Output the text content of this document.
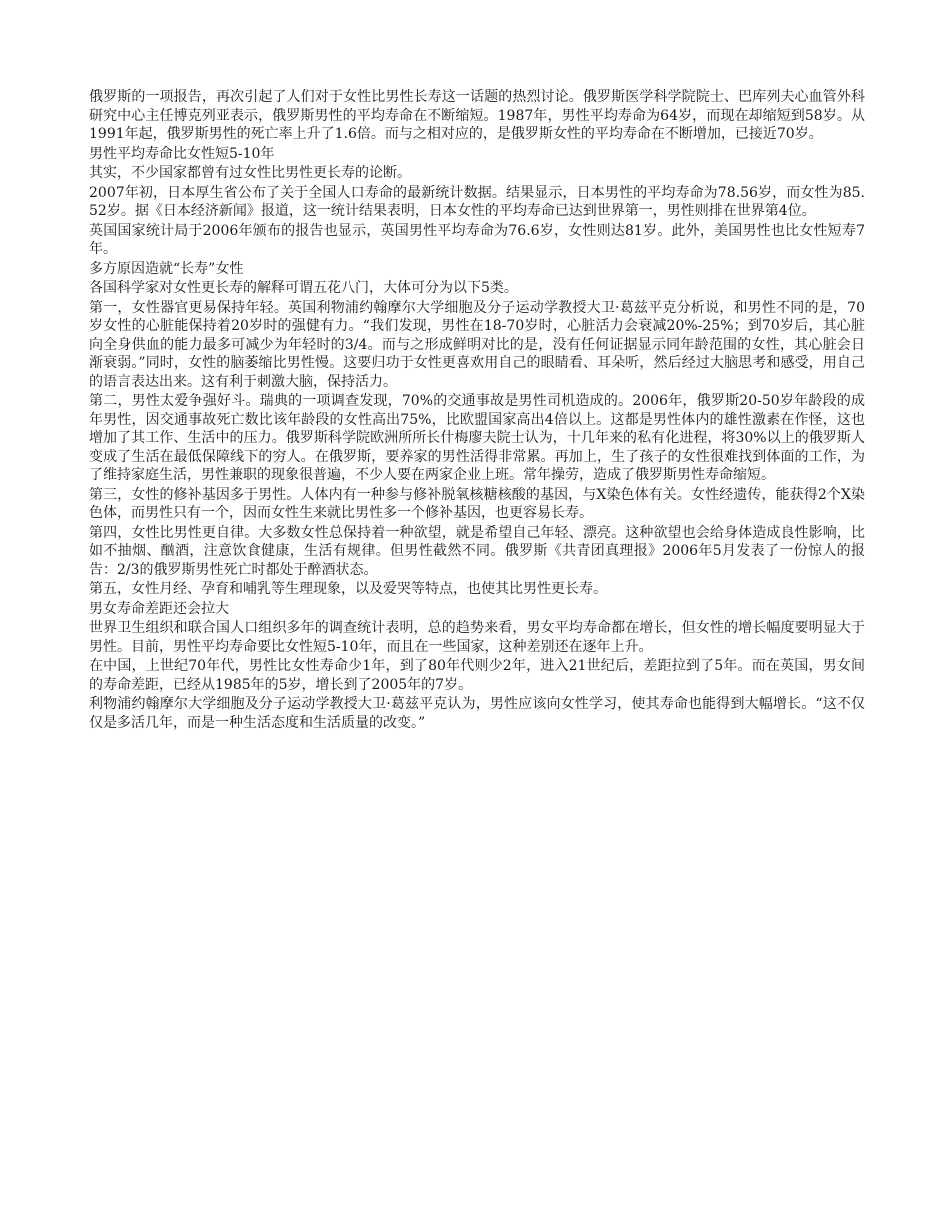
俄罗斯的一项报告，再次引起了人们对于女性比男性长寿这一话题的热烈讨论。俄罗斯医学科学院院士、巴库列夫心血管外科研究中心主任博克列亚表示，俄罗斯男性的平均寿命在不断缩短。1987年，男性平均寿命为64岁，而现在却缩短到58岁。从1991年起，俄罗斯男性的死亡率上升了1.6倍。而与之相对应的，是俄罗斯女性的平均寿命在不断增加，已接近70岁。

男性平均寿命比女性短5-10年

其实，不少国家都曾有过女性比男性更长寿的论断。

2007年初，日本厚生省公布了关于全国人口寿命的最新统计数据。结果显示，日本男性的平均寿命为78.56岁，而女性为85.52岁。据《日本经济新闻》报道，这一统计结果表明，日本女性的平均寿命已达到世界第一，男性则排在世界第4位。

英国国家统计局于2006年颁布的报告也显示，英国男性平均寿命为76.6岁，女性则达81岁。此外，美国男性也比女性短寿7年。

多方原因造就“长寿”女性

各国科学家对女性更长寿的解释可谓五花八门，大体可分为以下5类。

第一，女性器官更易保持年轻。英国利物浦约翰摩尔大学细胞及分子运动学教授大卫·葛兹平克分析说，和男性不同的是，70岁女性的心脏能保持着20岁时的强健有力。“我们发现，男性在18-70岁时，心脏活力会衰减20%-25%；到70岁后，其心脏向全身供血的能力最多可减少为年轻时的3/4。而与之形成鲜明对比的是，没有任何证据显示同年龄范围的女性，其心脏会日渐衰弱。”同时，女性的脑萎缩比男性慢。这要归功于女性更喜欢用自己的眼睛看、耳朵听，然后经过大脑思考和感受，用自己的语言表达出来。这有利于刺激大脑，保持活力。

第二，男性太爱争强好斗。瑞典的一项调查发现，70%的交通事故是男性司机造成的。2006年，俄罗斯20-50岁年龄段的成年男性，因交通事故死亡数比该年龄段的女性高出75%，比欧盟国家高出4倍以上。这都是男性体内的雄性激素在作怪，这也增加了其工作、生活中的压力。俄罗斯科学院欧洲所所长什梅廖夫院士认为，十几年来的私有化进程，将30%以上的俄罗斯人变成了生活在最低保障线下的穷人。在俄罗斯，要养家的男性活得非常累。再加上，生了孩子的女性很难找到体面的工作，为了维持家庭生活，男性兼职的现象很普遍，不少人要在两家企业上班。常年操劳，造成了俄罗斯男性寿命缩短。

第三，女性的修补基因多于男性。人体内有一种参与修补脱氧核糖核酸的基因，与X染色体有关。女性经遗传，能获得2个X染色体，而男性只有一个，因而女性生来就比男性多一个修补基因，也更容易长寿。

第四，女性比男性更自律。大多数女性总保持着一种欲望，就是希望自己年轻、漂亮。这种欲望也会给身体造成良性影响，比如不抽烟、酗酒，注意饮食健康，生活有规律。但男性截然不同。俄罗斯《共青团真理报》2006年5月发表了一份惊人的报告：2/3的俄罗斯男性死亡时都处于醉酒状态。

第五，女性月经、孕育和哺乳等生理现象，以及爱哭等特点，也使其比男性更长寿。

男女寿命差距还会拉大

世界卫生组织和联合国人口组织多年的调查统计表明，总的趋势来看，男女平均寿命都在增长，但女性的增长幅度要明显大于男性。目前，男性平均寿命要比女性短5-10年，而且在一些国家，这种差别还在逐年上升。

在中国，上世纪70年代，男性比女性寿命少1年，到了80年代则少2年，进入21世纪后，差距拉到了5年。而在英国，男女间的寿命差距，已经从1985年的5岁，增长到了2005年的7岁。

利物浦约翰摩尔大学细胞及分子运动学教授大卫·葛兹平克认为，男性应该向女性学习，使其寿命也能得到大幅增长。“这不仅仅是多活几年，而是一种生活态度和生活质量的改变。”
